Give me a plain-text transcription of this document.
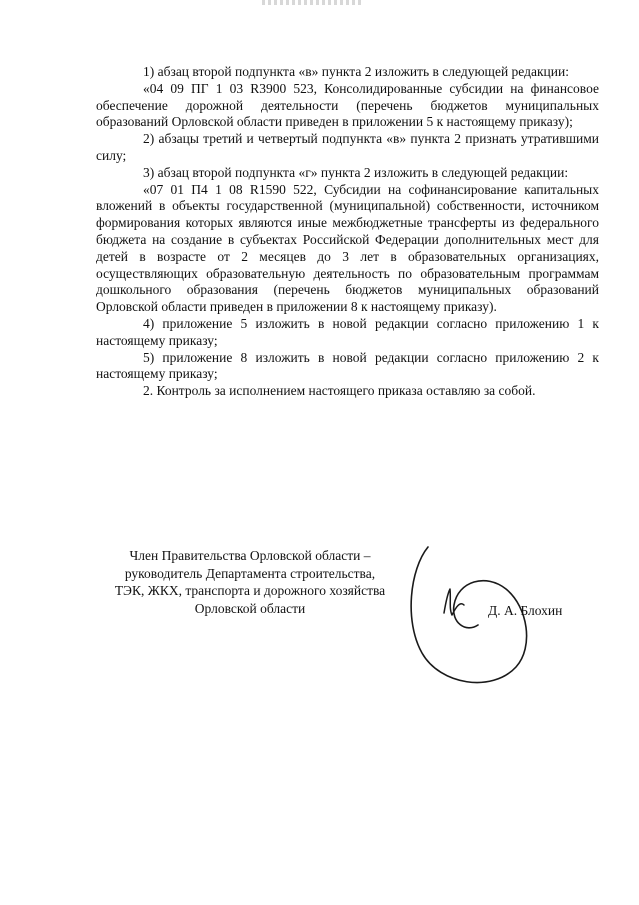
1) абзац второй подпункта «в» пункта 2 изложить в следующей редакции:

«04 09 ПГ 1 03 R3900 523, Консолидированные субсидии на финансовое обеспечение дорожной деятельности (перечень бюджетов муниципальных образований Орловской области приведен в приложении 5 к настоящему приказу);

2) абзацы третий и четвертый подпункта «в» пункта 2 признать утратившими силу;

3) абзац второй подпункта «г» пункта 2 изложить в следующей редакции:

«07 01 П4 1 08 R1590 522, Субсидии на софинансирование капитальных вложений в объекты государственной (муниципальной) собственности, источником формирования которых являются иные межбюджетные трансферты из федерального бюджета на создание в субъектах Российской Федерации дополнительных мест для детей в возрасте от 2 месяцев до 3 лет в образовательных организациях, осуществляющих образовательную деятельность по образовательным программам дошкольного образования (перечень бюджетов муниципальных образований Орловской области приведен в приложении 8 к настоящему приказу).

4) приложение 5 изложить в новой редакции согласно приложению 1 к настоящему приказу;

5) приложение 8 изложить в новой редакции согласно приложению 2 к настоящему приказу;

2. Контроль за исполнением настоящего приказа оставляю за собой.

Член Правительства Орловской области –
руководитель Департамента строительства,
ТЭК, ЖКХ, транспорта и дорожного хозяйства
Орловской области	Д. А. Блохин
